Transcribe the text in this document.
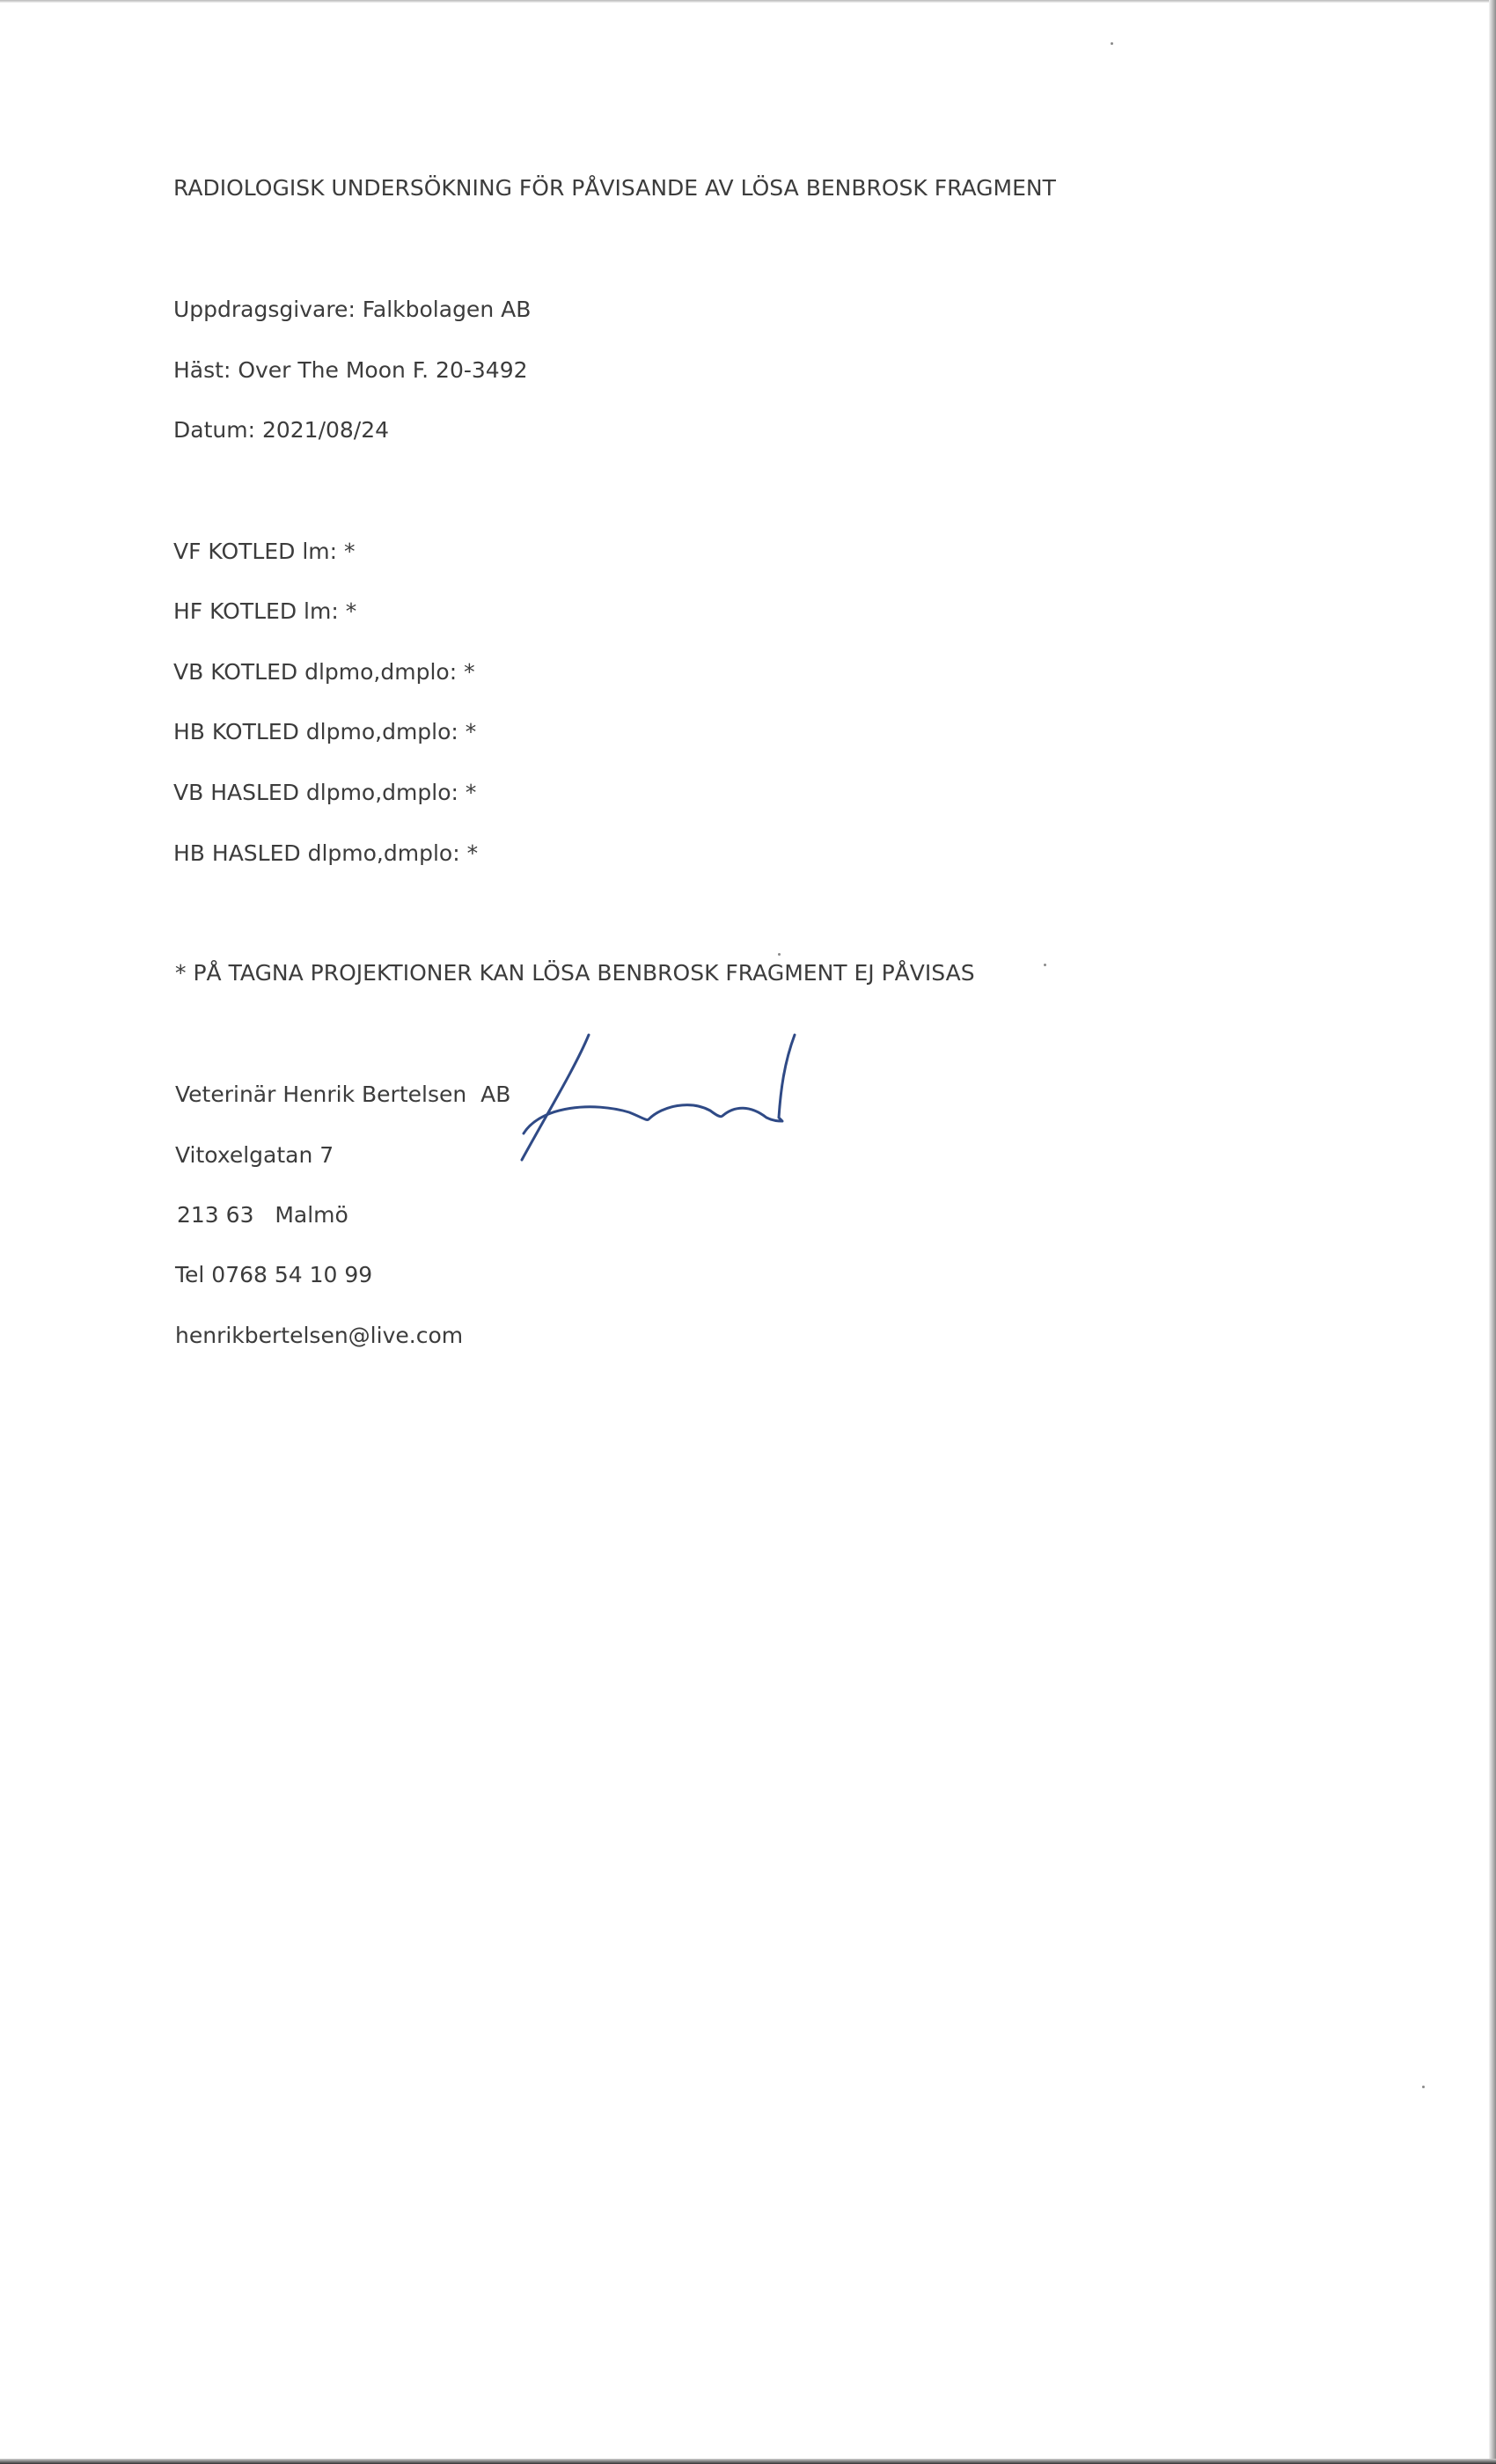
RADIOLOGISK UNDERSÖKNING FÖR PÅVISANDE AV LÖSA BENBROSK FRAGMENT
Uppdragsgivare: Falkbolagen AB
Häst: Over The Moon F. 20-3492
Datum: 2021/08/24
VF KOTLED lm: *
HF KOTLED lm: *
VB KOTLED dlpmo,dmplo: *
HB KOTLED dlpmo,dmplo: *
VB HASLED dlpmo,dmplo: *
HB HASLED dlpmo,dmplo: *
* PÅ TAGNA PROJEKTIONER KAN LÖSA BENBROSK FRAGMENT EJ PÅVISAS
Veterinär Henrik Bertelsen  AB
Vitoxelgatan 7
213 63   Malmö
Tel 0768 54 10 99
henrikbertelsen@live.com
